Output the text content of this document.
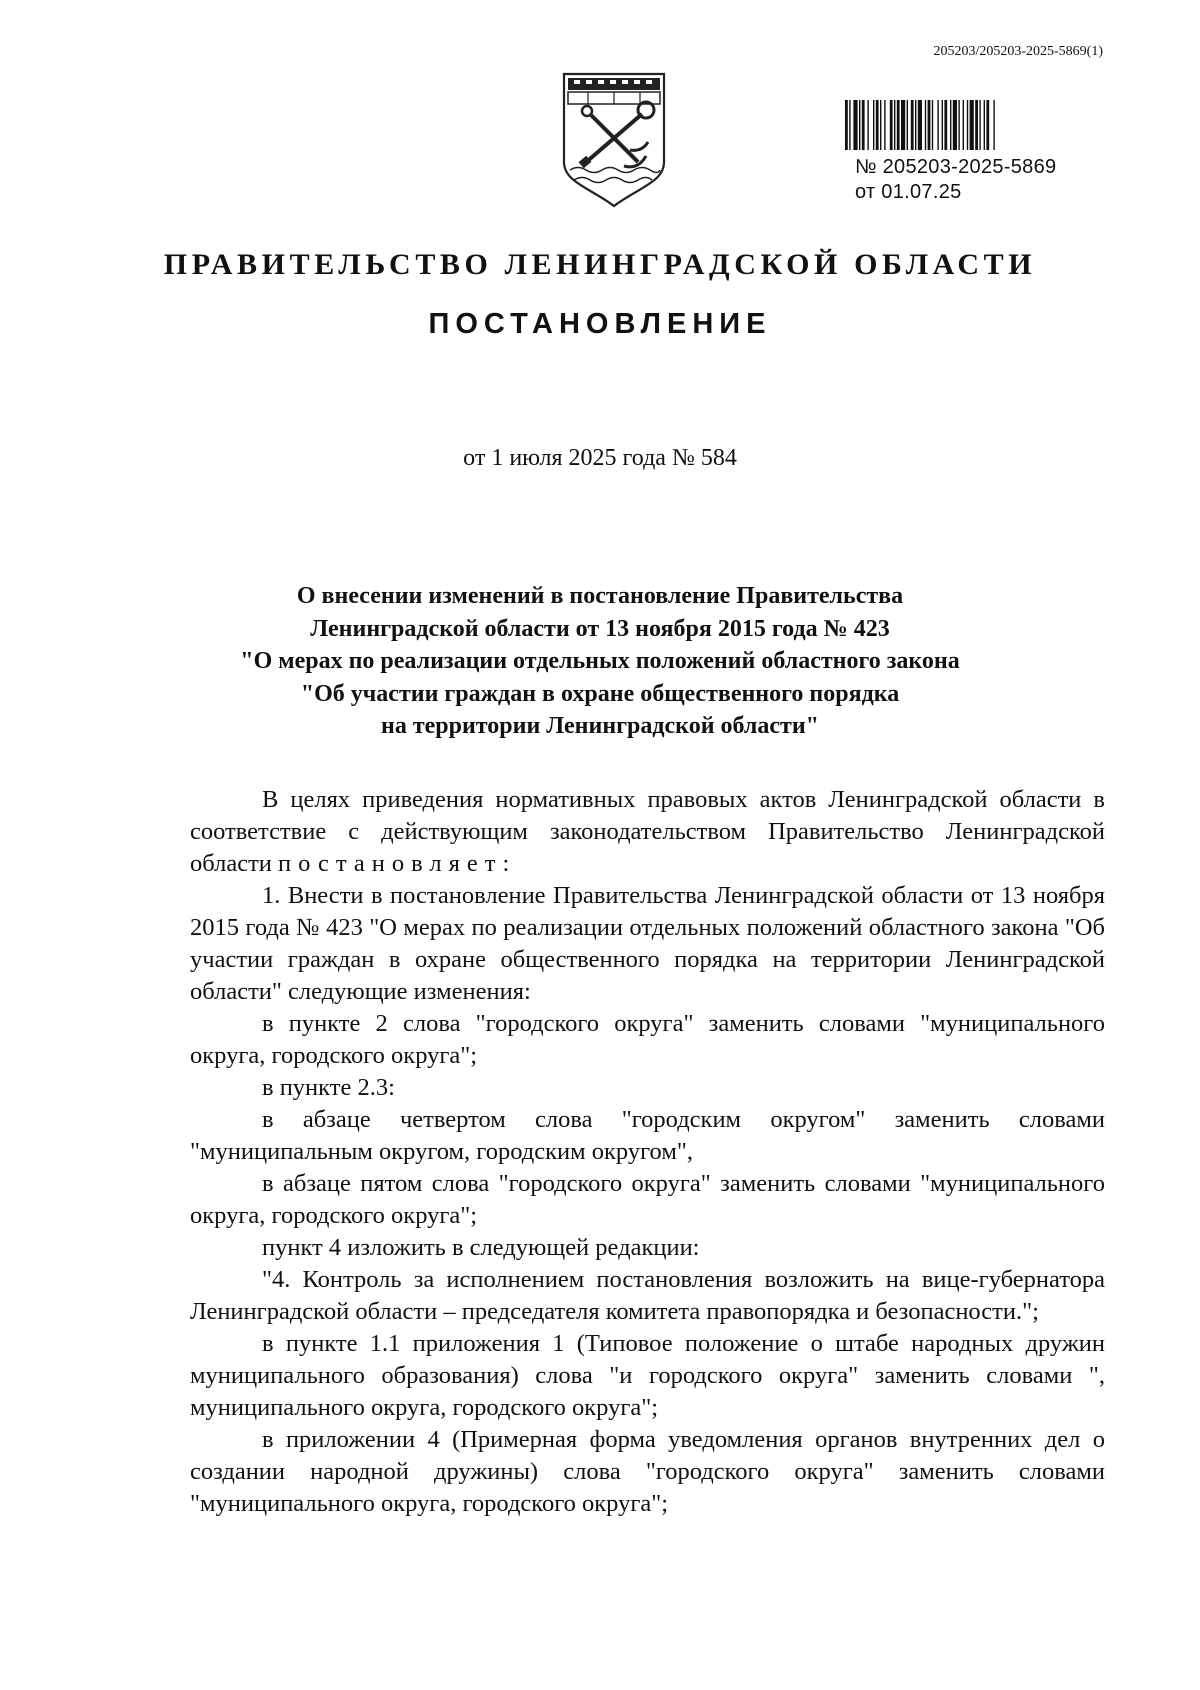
205203/205203-2025-5869(1)
№ 205203-2025-5869
от 01.07.25
ПРАВИТЕЛЬСТВО ЛЕНИНГРАДСКОЙ ОБЛАСТИ
ПОСТАНОВЛЕНИЕ
от 1 июля 2025 года № 584
О внесении изменений в постановление Правительства
Ленинградской области от 13 ноября 2015 года № 423
"О мерах по реализации отдельных положений областного закона
"Об участии граждан в охране общественного порядка
на территории Ленинградской области"

В целях приведения нормативных правовых актов Ленинградской области в соответствие с действующим законодательством Правительство Ленинградской области постановляет:

1. Внести в постановление Правительства Ленинградской области от 13 ноября 2015 года № 423 "О мерах по реализации отдельных положений областного закона "Об участии граждан в охране общественного порядка на территории Ленинградской области" следующие изменения:

в пункте 2 слова "городского округа" заменить словами "муниципального округа, городского округа";

в пункте 2.3:

в абзаце четвертом слова "городским округом" заменить словами "муниципальным округом, городским округом",

в абзаце пятом слова "городского округа" заменить словами "муниципального округа, городского округа";

пункт 4 изложить в следующей редакции:

"4. Контроль за исполнением постановления возложить на вице-губернатора Ленинградской области – председателя комитета правопорядка и безопасности.";

в пункте 1.1 приложения 1 (Типовое положение о штабе народных дружин муниципального образования) слова "и городского округа" заменить словами ", муниципального округа, городского округа";

в приложении 4 (Примерная форма уведомления органов внутренних дел о создании народной дружины) слова "городского округа" заменить словами "муниципального округа, городского округа";
